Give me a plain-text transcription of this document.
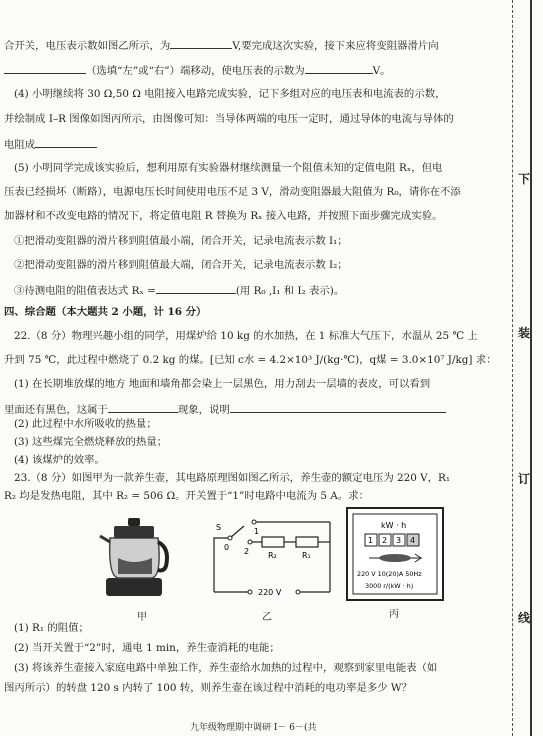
下
装
订
线
合开关，电压表示数如图乙所示，为	V,要完成这次实验，接下来应将变阻器滑片向
（选填“左”或“右”）端移动，使电压表的示数为	V。
(4) 小明继续将 30 Ω,50 Ω 电阻接入电路完成实验，记下多组对应的电压表和电流表的示数，
并绘制成 I–R 图像如图丙所示，由图像可知：当导体两端的电压一定时，通过导体的电流与导体的
电阻成
(5) 小明同学完成该实验后，想利用原有实验器材继续测量一个阻值未知的定值电阻 Rₓ，但电
压表已经损坏（断路），电源电压长时间使用电压不足 3 V，滑动变阻器最大阻值为 R₀，请你在不添
加器材和不改变电路的情况下，将定值电阻 R 替换为 Rₓ 接入电路，并按照下面步骤完成实验。
①把滑动变阻器的滑片移到阻值最小端，闭合开关，记录电流表示数 I₁；
②把滑动变阻器的滑片移到阻值最大端，闭合开关，记录电流表示数 I₂；
③待测电阻的阻值表达式 Rₓ =	(用 R₀ ,I₁ 和 I₂ 表示)。
四、综合题（本大题共 2 小题，计 16 分）
22.（8 分）物理兴趣小组的同学，用煤炉给 10 kg 的水加热，在 1 标准大气压下，水温从 25 ℃ 上
升到 75 ℃，此过程中燃烧了 0.2 kg 的煤。[已知 c水 = 4.2×10³ J/(kg·℃)，q煤 = 3.0×10⁷ J/kg] 求：
(1) 在长期堆放煤的地方 地面和墙角都会染上一层黑色，用力刮去一层墙的表皮，可以看到
里面还有黑色，这属于	现象，说明
(2) 此过程中水所吸收的热量；
(3) 这些煤完全燃烧释放的热量；
(4) 该煤炉的效率。
23.（8 分）如图甲为一款养生壶，其电路原理图如图乙所示，养生壶的额定电压为 220 V，R₁
R₂ 均是发热电阻，其中 R₂ = 506 Ω。开关置于“1”时电路中电流为 5 A。求：
甲
S
0
1
2 R₂	R₁
220 V
乙
kW · h
1 2 3 4
220 V 10(20)A 50Hz
3000 r/(kW · h)
丙
九年级物理期中调研 I－ 6－(共
(1) R₁ 的阻值；
(2) 当开关置于“2”时，通电 1 min，养生壶消耗的电能；
(3) 将该养生壶接入家庭电路中单独工作，养生壶给水加热的过程中，观察到家里电能表（如
图丙所示）的转盘 120 s 内转了 100 转，则养生壶在该过程中消耗的电功率是多少 W？
